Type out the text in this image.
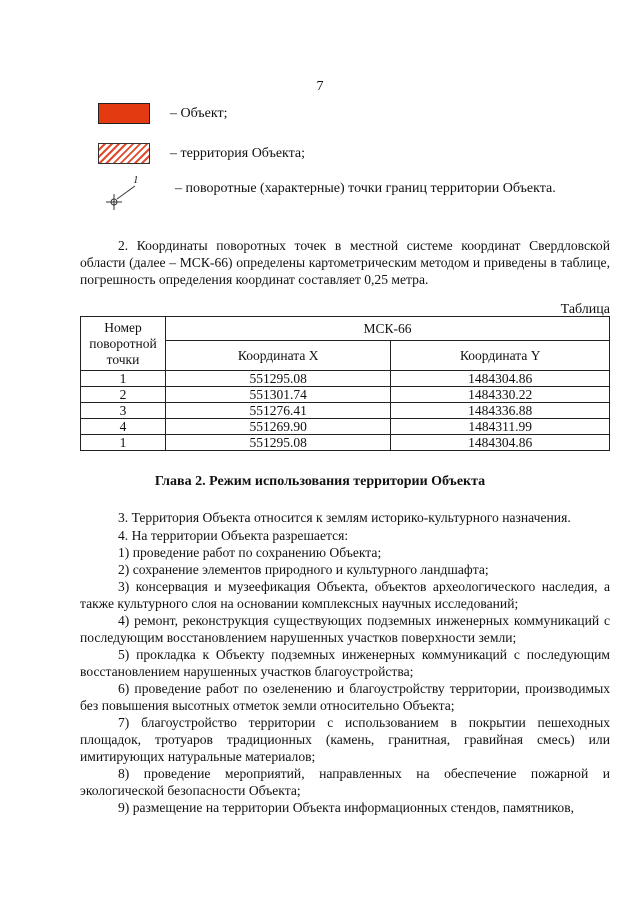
7
– Объект;
– территория Объекта;
1
– поворотные (характерные) точки границ территории Объекта.

2. Координаты поворотных точек в местной системе координат Свердловской области (далее – МСК-66) определены картометрическим методом и приведены в таблице, погрешность определения координат составляет 0,25 метра.

Таблица
Номер поворотной точки	МСК-66	
	Координата X	Координата Y
1	551295.08	1484304.86
2	551301.74	1484330.22
3	551276.41	1484336.88
4	551269.90	1484311.99
1	551295.08	1484304.86
Глава 2. Режим использования территории Объекта

3. Территория Объекта относится к землям историко-культурного назначения.

4. На территории Объекта разрешается:

1) проведение работ по сохранению Объекта;

2) сохранение элементов природного и культурного ландшафта;

3) консервация и музеефикация Объекта, объектов археологического наследия, а также культурного слоя на основании комплексных научных исследований;

4) ремонт, реконструкция существующих подземных инженерных коммуникаций с последующим восстановлением нарушенных участков поверхности земли;

5) прокладка к Объекту подземных инженерных коммуникаций с последующим восстановлением нарушенных участков благоустройства;

6) проведение работ по озеленению и благоустройству территории, производимых без повышения высотных отметок земли относительно Объекта;

7) благоустройство территории с использованием в покрытии пешеходных площадок, тротуаров традиционных (камень, гранитная, гравийная смесь) или имитирующих натуральные материалов;

8) проведение мероприятий, направленных на обеспечение пожарной и экологической безопасности Объекта;

9) размещение на территории Объекта информационных стендов, памятников,
